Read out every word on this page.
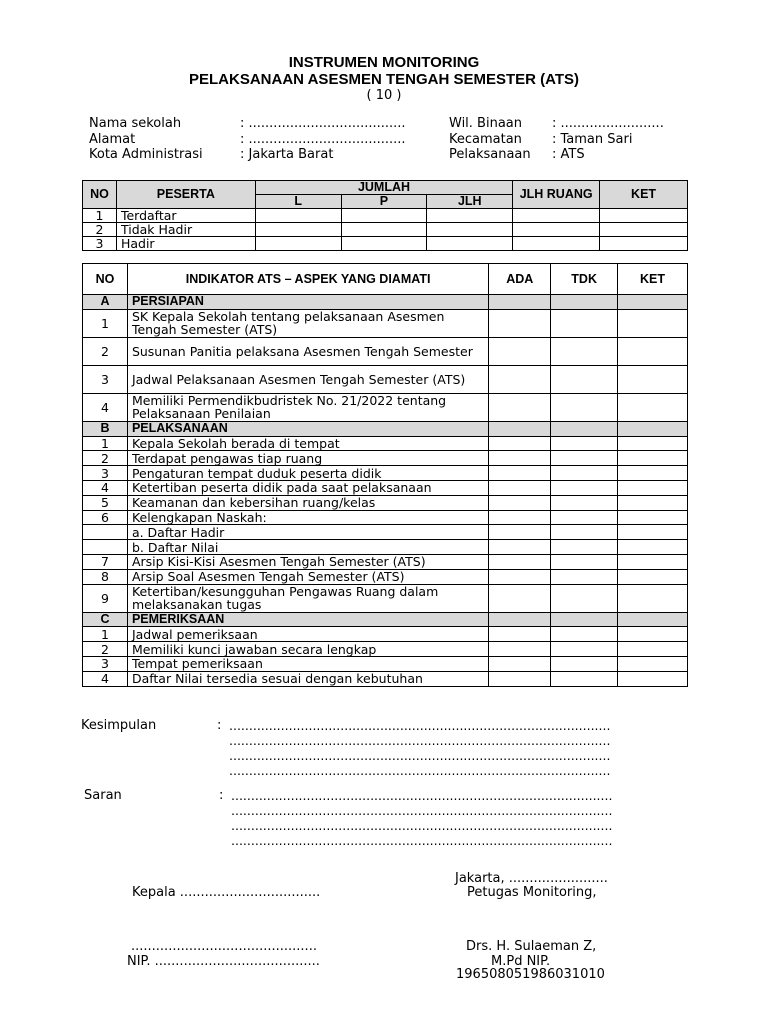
INSTRUMEN MONITORING
PELAKSANAAN ASESMEN TENGAH SEMESTER (ATS)
( 10 )
Nama sekolah	: ......................................
Alamat	: ......................................
Kota Administrasi	: Jakarta Barat
Wil. Binaan : .........................
Kecamatan : Taman Sari
Pelaksanaan : ATS
NO	PESERTA	JUMLAH			JLH RUANG	KET
		L	P	JLH		
1	Terdaftar					
2	Tidak Hadir					
3	Hadir					
NO	INDIKATOR ATS – ASPEK YANG DIAMATI	ADA	TDK	KET
A	PERSIAPAN			
1	SK Kepala Sekolah tentang pelaksanaan Asesmen Tengah Semester (ATS)			
2	Susunan Panitia pelaksana Asesmen Tengah Semester			
3	Jadwal Pelaksanaan Asesmen Tengah Semester (ATS)			
4	Memiliki Permendikbudristek No. 21/2022 tentang Pelaksanaan Penilaian			
B	PELAKSANAAN			
1	Kepala Sekolah berada di tempat			
2	Terdapat pengawas tiap ruang			
3	Pengaturan tempat duduk peserta didik			
4	Ketertiban peserta didik pada saat pelaksanaan			
5	Keamanan dan kebersihan ruang/kelas			
6	Kelengkapan Naskah:			
	a. Daftar Hadir			
	b. Daftar Nilai			
7	Arsip Kisi-Kisi Asesmen Tengah Semester (ATS)			
8	Arsip Soal Asesmen Tengah Semester (ATS)			
9	Ketertiban/kesungguhan Pengawas Ruang dalam melaksanakan tugas			
C	PEMERIKSAAN			
1	Jadwal pemeriksaan			
2	Memiliki kunci jawaban secara lengkap			
3	Tempat pemeriksaan			
4	Daftar Nilai tersedia sesuai dengan kebutuhan			
Kesimpulan	: ................................................................................................
................................................................................................
................................................................................................
................................................................................................
Saran	: ................................................................................................
................................................................................................
................................................................................................
................................................................................................
Jakarta, ........................
Kepala ..................................	Petugas Monitoring,
.............................................	Drs. H. Sulaeman Z,
NIP. ........................................	M.Pd NIP.
196508051986031010
